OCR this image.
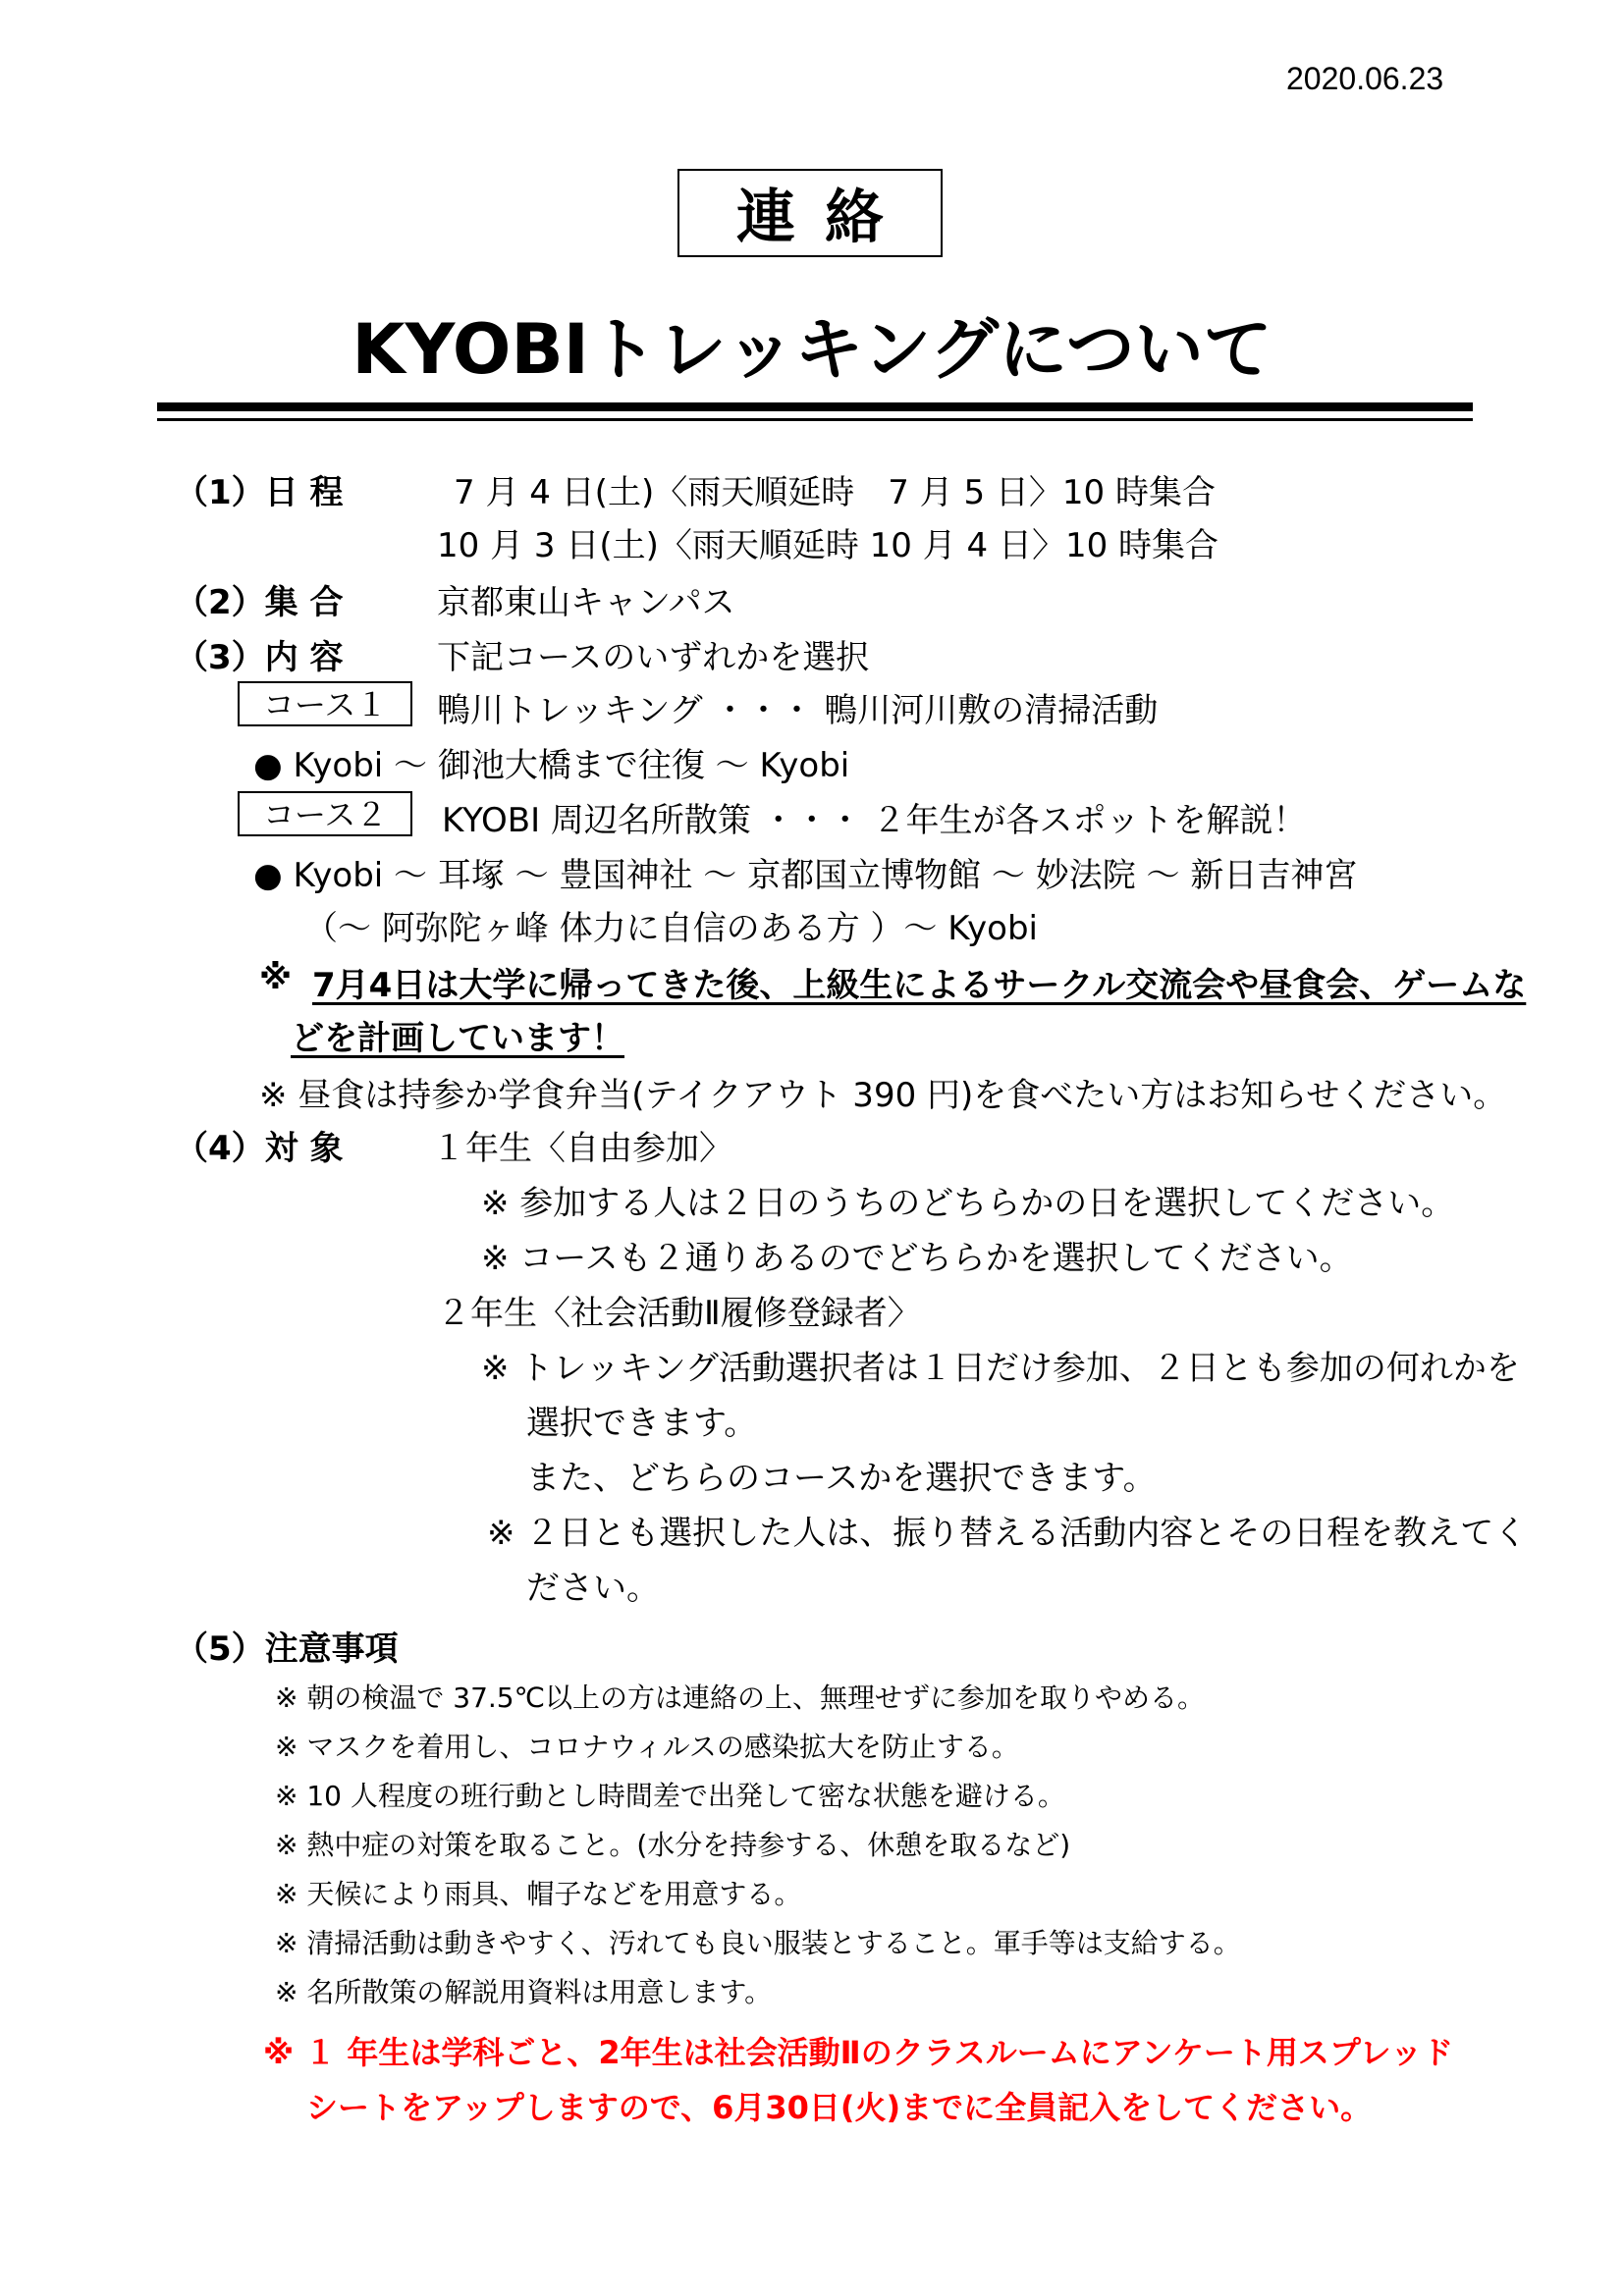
2020.06.23
連絡
KYOBIトレッキングについて
（1）日 程	7 月 4 日(土)〈雨天順延時　7 月 5 日〉10 時集合
10 月 3 日(土)〈雨天順延時 10 月 4 日〉10 時集合
（2）集 合	京都東山キャンパス
（3）内 容	下記コースのいずれかを選択
コース１	鴨川トレッキング ・・・ 鴨川河川敷の清掃活動
● Kyobi ～ 御池大橋まで往復 ～ Kyobi
コース２	KYOBI 周辺名所散策 ・・・ ２年生が各スポットを解説！
● Kyobi ～ 耳塚 ～ 豊国神社 ～ 京都国立博物館 ～ 妙法院 ～ 新日吉神宮
（～ 阿弥陀ヶ峰 体力に自信のある方 ）～ Kyobi
※ 7月4日は大学に帰ってきた後、上級生によるサークル交流会や昼食会、ゲームな
どを計画しています！
※ 昼食は持参か学食弁当(テイクアウト 390 円)を食べたい方はお知らせください。
（4）対 象	１年生〈自由参加〉
※ 参加する人は２日のうちのどちらかの日を選択してください。
※ コースも２通りあるのでどちらかを選択してください。
２年生〈社会活動Ⅱ履修登録者〉
※ トレッキング活動選択者は１日だけ参加、２日とも参加の何れかを
選択できます。
また、どちらのコースかを選択できます。
※ ２日とも選択した人は、振り替える活動内容とその日程を教えてく
ださい。
（5）注意事項
※ 朝の検温で 37.5℃以上の方は連絡の上、無理せずに参加を取りやめる。
※ マスクを着用し、コロナウィルスの感染拡大を防止する。
※ 10 人程度の班行動とし時間差で出発して密な状態を避ける。
※ 熱中症の対策を取ること。(水分を持参する、休憩を取るなど)
※ 天候により雨具、帽子などを用意する。
※ 清掃活動は動きやすく、汚れても良い服装とすること。軍手等は支給する。
※ 名所散策の解説用資料は用意します。
※ １ 年生は学科ごと、2年生は社会活動Ⅱのクラスルームにアンケート用スプレッド
シートをアップしますので、6月30日(火)までに全員記入をしてください。
